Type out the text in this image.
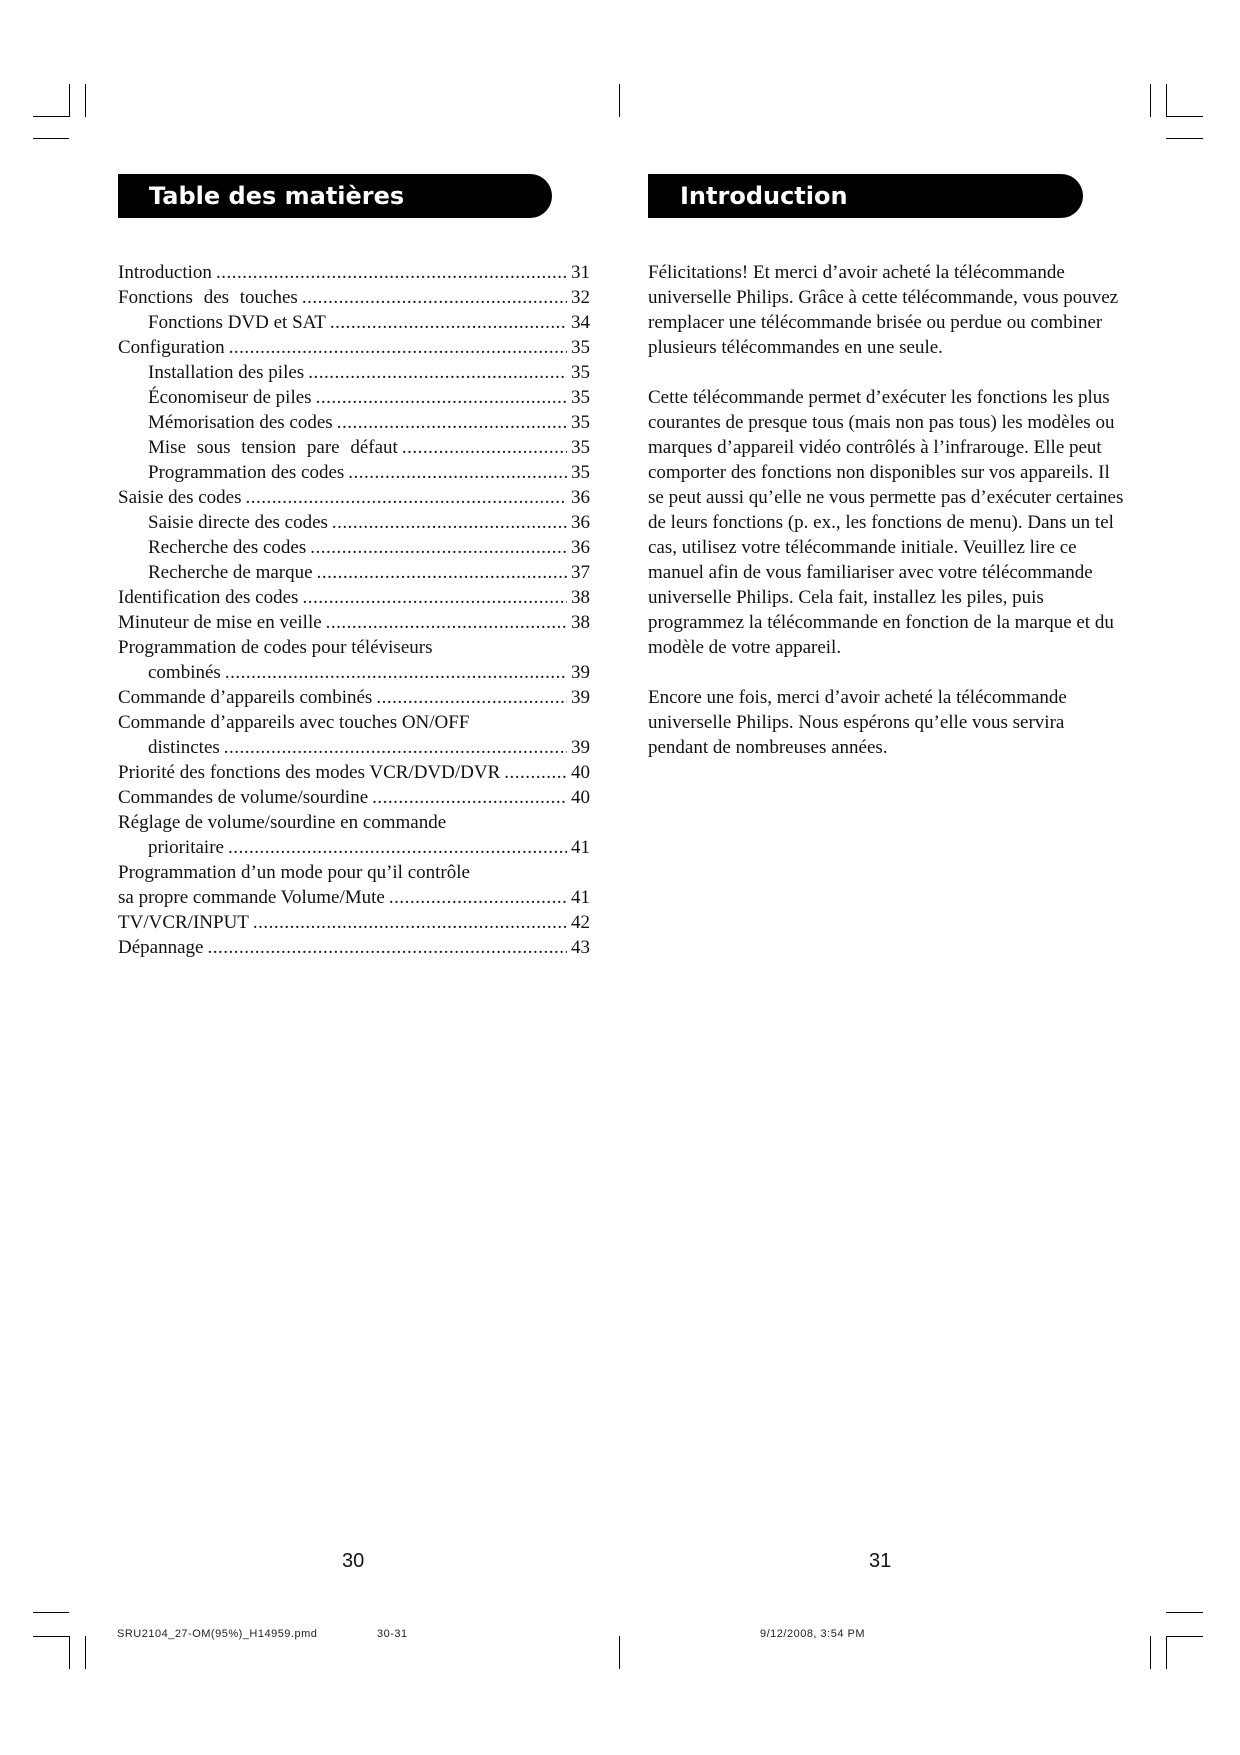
Table des matières
Introduction .....	31
Fonctions des touches .....	32
Fonctions DVD et SAT .....	34
Configuration .....	35
Installation des piles .....	35
Économiseur de piles .....	35
Mémorisation des codes .....	35
Mise sous tension pare défaut .....	35
Programmation des codes .....	35
Saisie des codes .....	36
Saisie directe des codes .....	36
Recherche des codes .....	36
Recherche de marque .....	37
Identification des codes .....	38
Minuteur de mise en veille .....	38
Programmation de codes pour téléviseurs
combinés .....	39
Commande d’appareils combinés .....	39
Commande d’appareils avec touches ON/OFF
distinctes .....	39
Priorité des fonctions des modes VCR/DVD/DVR .....	40
Commandes de volume/sourdine .....	40
Réglage de volume/sourdine en commande
prioritaire .....	41
Programmation d’un mode pour qu’il contrôle
sa propre commande Volume/Mute .....	41
TV/VCR/INPUT .....	42
Dépannage .....	43
30
Introduction

Félicitations! Et merci d’avoir acheté la télécommande universelle Philips. Grâce à cette télécommande, vous pouvez remplacer une télécommande brisée ou perdue ou combiner plusieurs télécommandes en une seule.

Cette télécommande permet d’exécuter les fonctions les plus courantes de presque tous (mais non pas tous) les modèles ou marques d’appareil vidéo contrôlés à l’infrarouge. Elle peut comporter des fonctions non disponibles sur vos appareils. Il se peut aussi qu’elle ne vous permette pas d’exécuter certaines de leurs fonctions (p. ex., les fonctions de menu). Dans un tel cas, utilisez votre télécommande initiale. Veuillez lire ce manuel afin de vous familiariser avec votre télécommande universelle Philips. Cela fait, installez les piles, puis programmez la télécommande en fonction de la marque et du modèle de votre appareil.

Encore une fois, merci d’avoir acheté la télécommande universelle Philips. Nous espérons qu’elle vous servira pendant de nombreuses années.

31
SRU2104_27-OM(95%)_H14959.pmd	30-31	9/12/2008, 3:54 PM
